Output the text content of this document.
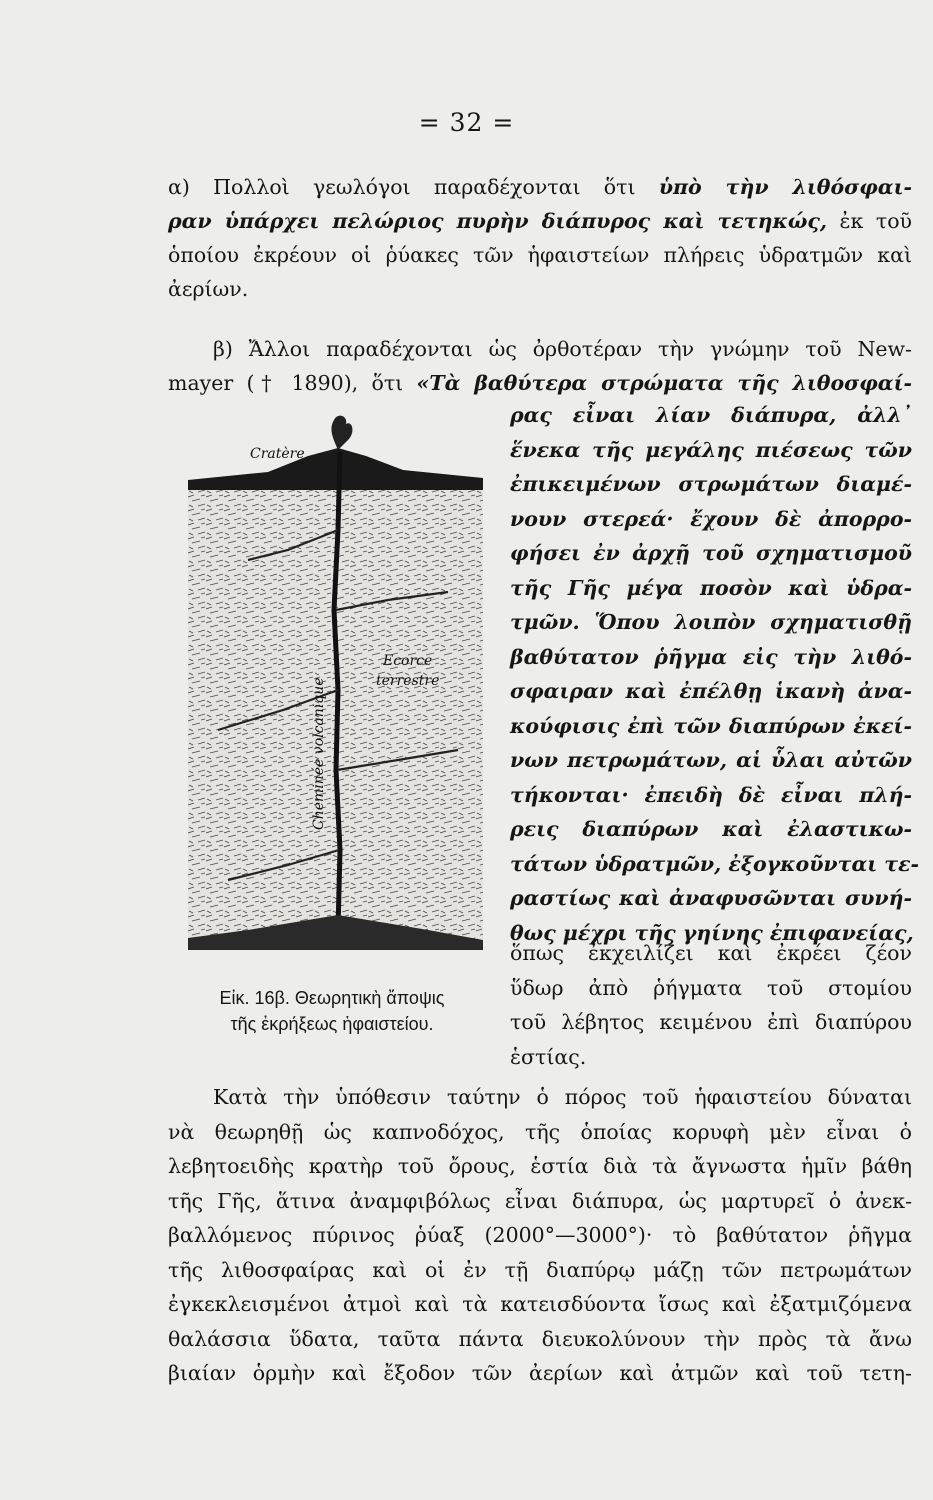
= 32 =
α) Πολλοὶ γεωλόγοι παραδέχονται ὅτι ὑπὸ τὴν λιθόσφαι-
ραν ὑπάρχει πελώριος πυρὴν διάπυρος καὶ τετηκώς, ἐκ τοῦ
ὁποίου ἐκρέουν οἱ ῥύακες τῶν ἡφαιστείων πλήρεις ὑδρατμῶν καὶ
ἀερίων.
β) Ἄλλοι παραδέχονται ὡς ὀρθοτέραν τὴν γνώμην τοῦ New-
mayer († 1890), ὅτι «Τὰ βαθύτερα στρώματα τῆς λιθοσφαί-
ρας εἶναι λίαν διάπυρα, ἀλλ᾽
ἕνεκα τῆς μεγάλης πιέσεως τῶν
ἐπικειμένων στρωμάτων διαμέ-
νουν στερεά· ἔχουν δὲ ἀπορρο-
φήσει ἐν ἀρχῇ τοῦ σχηματισμοῦ
τῆς Γῆς μέγα ποσὸν καὶ ὑδρα-
τμῶν. Ὅπου λοιπὸν σχηματισθῇ
βαθύτατον ῥῆγμα εἰς τὴν λιθό-
σφαιραν καὶ ἐπέλθῃ ἱκανὴ ἀνα-
κούφισις ἐπὶ τῶν διαπύρων ἐκεί-
νων πετρωμάτων, αἱ ὗλαι αὐτῶν
τήκονται· ἐπειδὴ δὲ εἶναι πλή-
ρεις διαπύρων καὶ ἐλαστικω-
τάτων ὑδρατμῶν, ἐξογκοῦνται τε-
ραστίως καὶ ἀναφυσῶνται συνή-
θως μέχρι τῆς γηίνης ἐπιφανείας,
ὅπως ἐκχειλίζει καὶ ἐκρέει ζέον
ὕδωρ ἀπὸ ῥήγματα τοῦ στομίου
τοῦ λέβητος κειμένου ἐπὶ διαπύρου
ἑστίας.
Cratère
Ecorce
terrestre
Cheminée volcanique
Εἰκ. 16β. Θεωρητικὴ ἄποψις
τῆς ἐκρήξεως ἡφαιστείου.
Κατὰ τὴν ὑπόθεσιν ταύτην ὁ πόρος τοῦ ἡφαιστείου δύναται
νὰ θεωρηθῇ ὡς καπνοδόχος, τῆς ὁποίας κορυφὴ μὲν εἶναι ὁ
λεβητοειδὴς κρατὴρ τοῦ ὄρους, ἑστία διὰ τὰ ἄγνωστα ἡμῖν βάθη
τῆς Γῆς, ἅτινα ἀναμφιβόλως εἶναι διάπυρα, ὡς μαρτυρεῖ ὁ ἀνεκ-
βαλλόμενος πύρινος ῥύαξ (2000°—3000°)· τὸ βαθύτατον ῥῆγμα
τῆς λιθοσφαίρας καὶ οἱ ἐν τῇ διαπύρῳ μάζῃ τῶν πετρωμάτων
ἐγκεκλεισμένοι ἀτμοὶ καὶ τὰ κατεισδύοντα ἴσως καὶ ἐξατμιζόμενα
θαλάσσια ὕδατα, ταῦτα πάντα διευκολύνουν τὴν πρὸς τὰ ἄνω
βιαίαν ὁρμὴν καὶ ἔξοδον τῶν ἀερίων καὶ ἀτμῶν καὶ τοῦ τετη-
